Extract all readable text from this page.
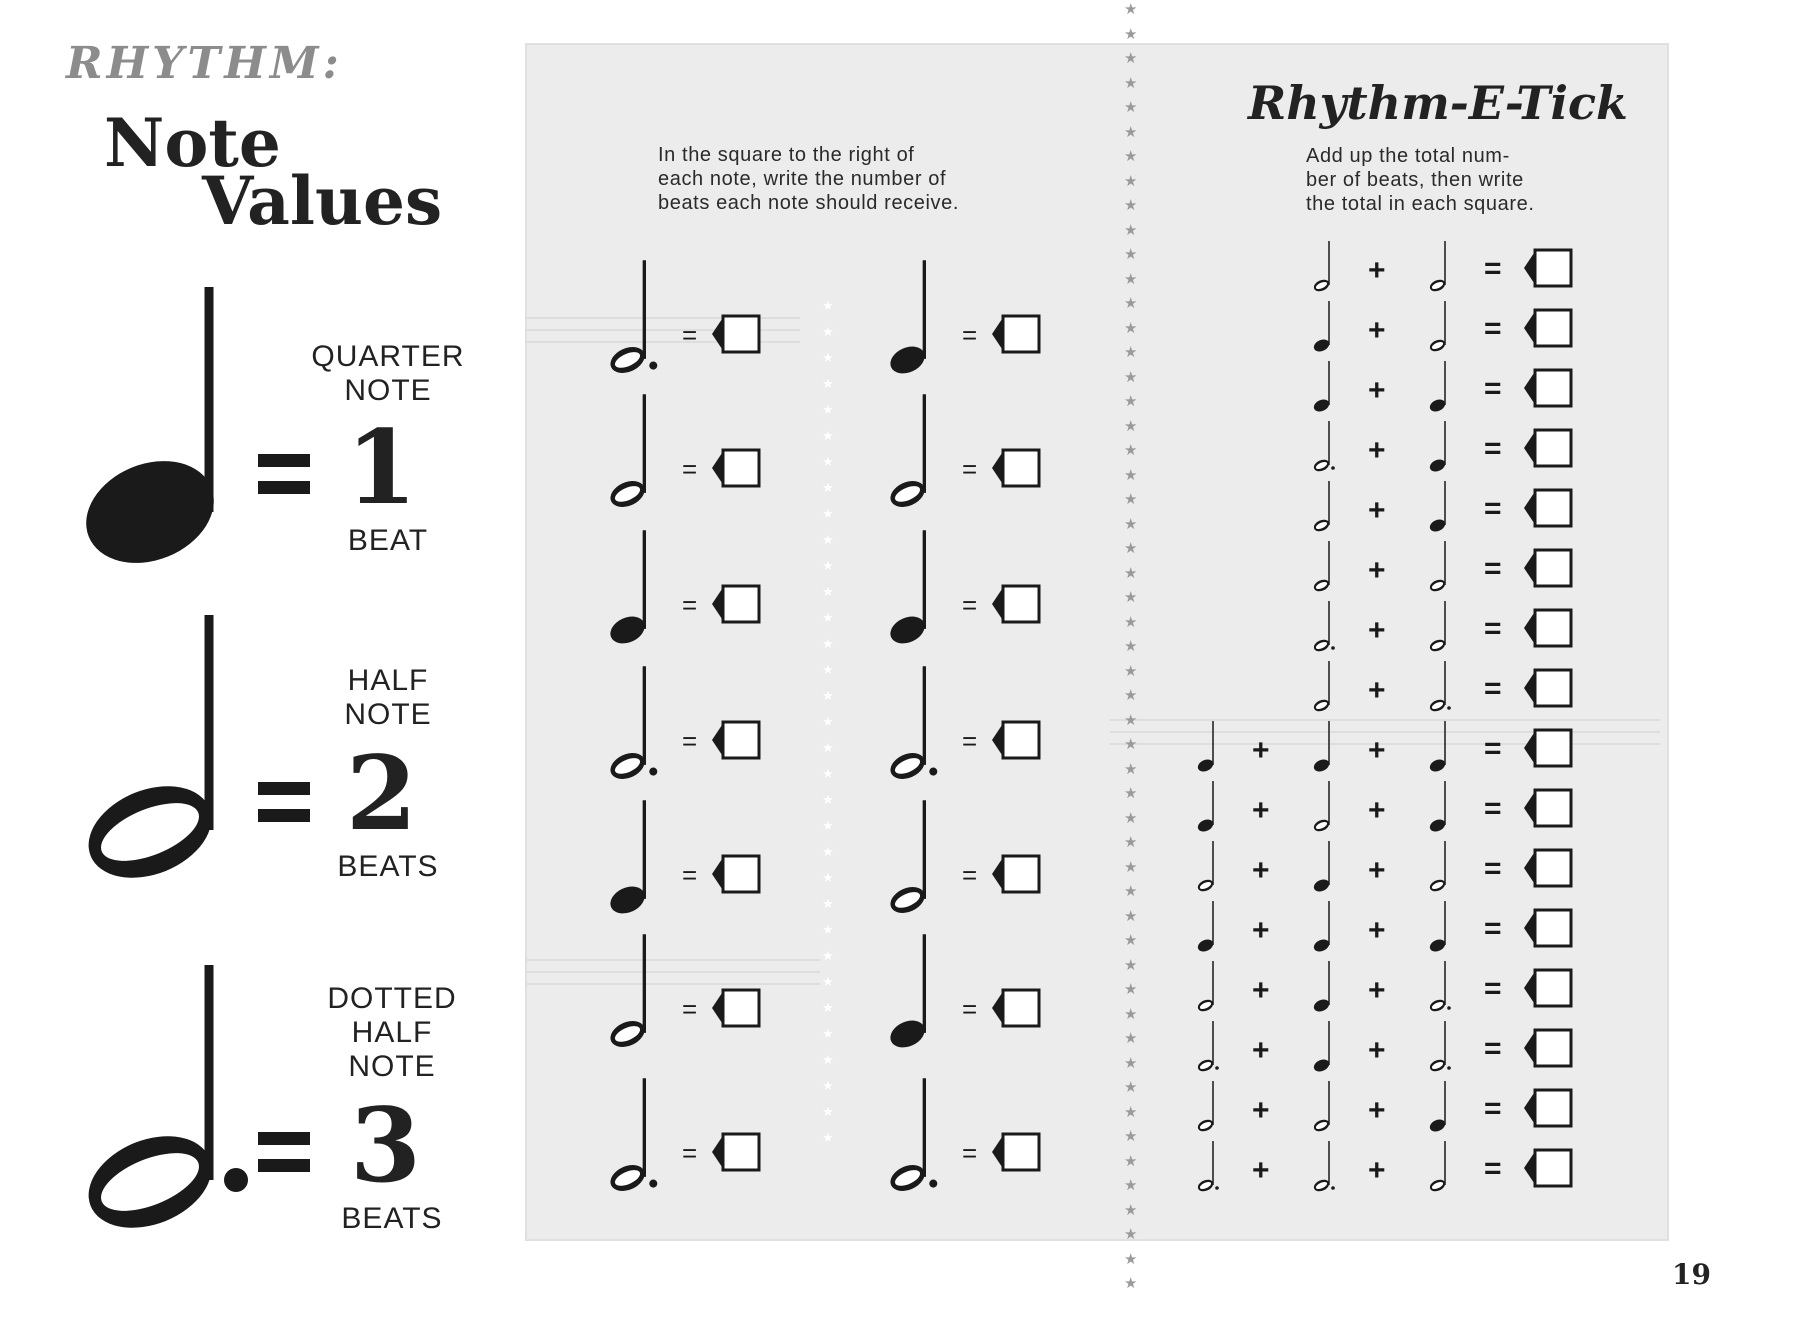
★
★
★
★
★
★
★
★
★
★
★
★
★
★
★
★
★
★
★
★
★
★
★
★
★
★
★
★
★
★
★
★
★
★
★
★
★
★
★
★
★
★
★
★
★
★
★
★
★
★
★
★
★
★
★
★
★
★
★
★
★
★
★
★
★
★
★
★
★
★
★
★
★
★
★
★
★
★
★
★
★
★
★
★
★
★
RHYTHM:
Note
Values
QUARTER
NOTE
1
BEAT
HALF
NOTE
2
BEATS
DOTTED
HALF
NOTE
3
BEATS
In the square to the right of
each note, write the number of
beats each note should receive.
=
=
=
=
=
=
=
=
=
=
=
=
=
=
Rhythm-E-Tick
Add up the total num-
ber of beats, then write
the total in each square.
+	=
+	=
+	=
+	=
+	=
+	=
+	=
+	=
+	+	=
+	+	=
+	+	=
+	+	=
+	+	=
+	+	=
+	+	=
+	+	=
19
